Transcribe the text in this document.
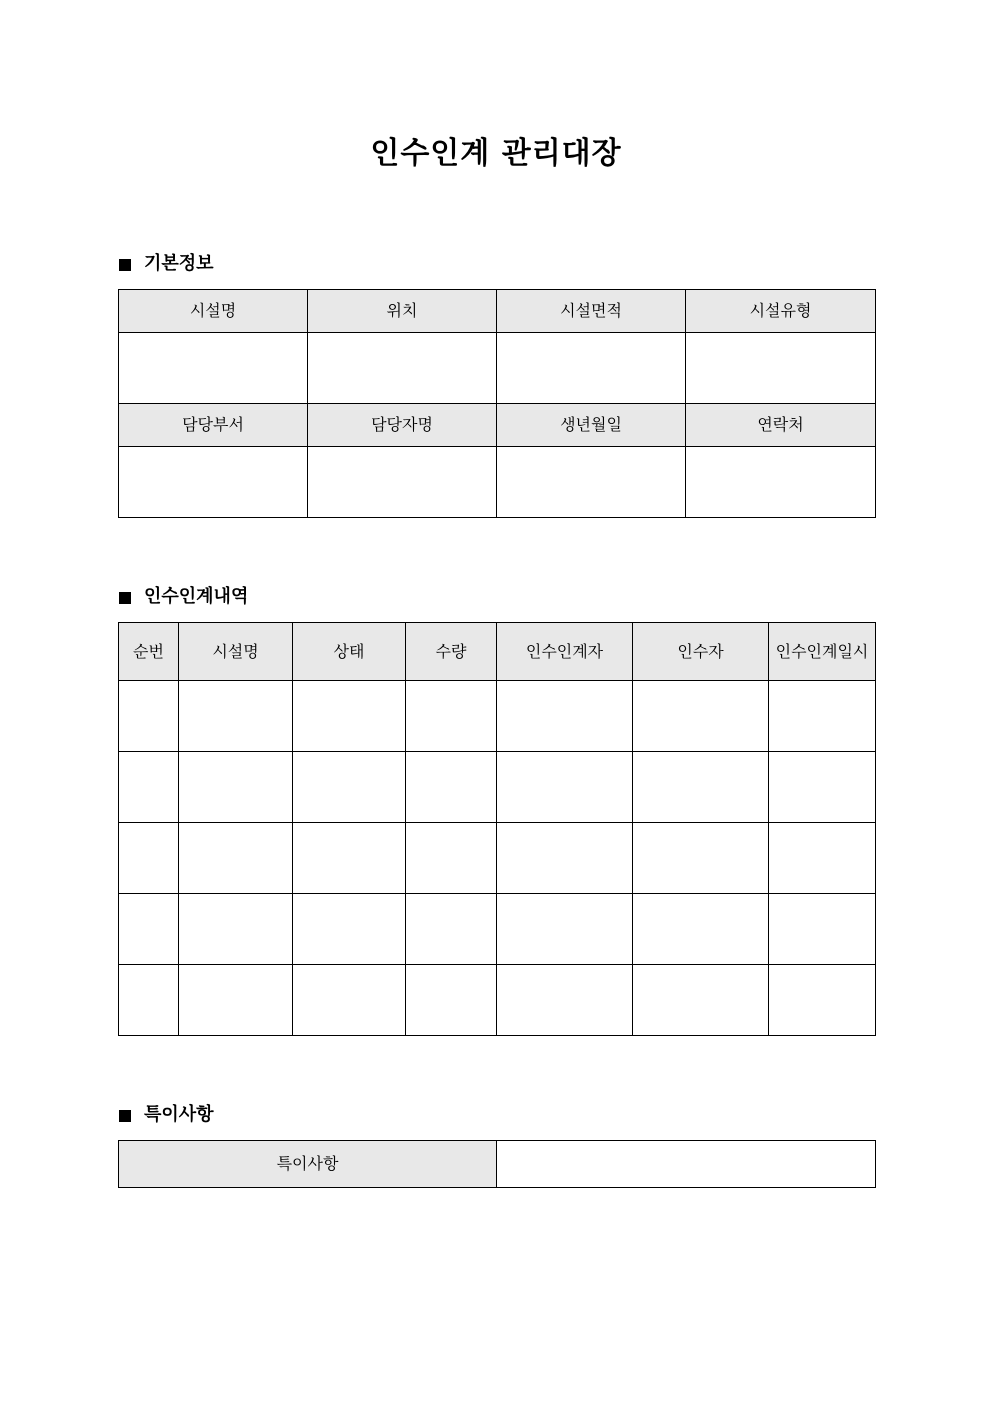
인수인계 관리대장
기본정보
시설명	위치	시설면적	시설유형

담당부서	담당자명	생년월일	연락처

인수인계내역
순번	시설명	상태	수량	인수인계자	인수자	인수인계일시

특이사항
특이사항	
